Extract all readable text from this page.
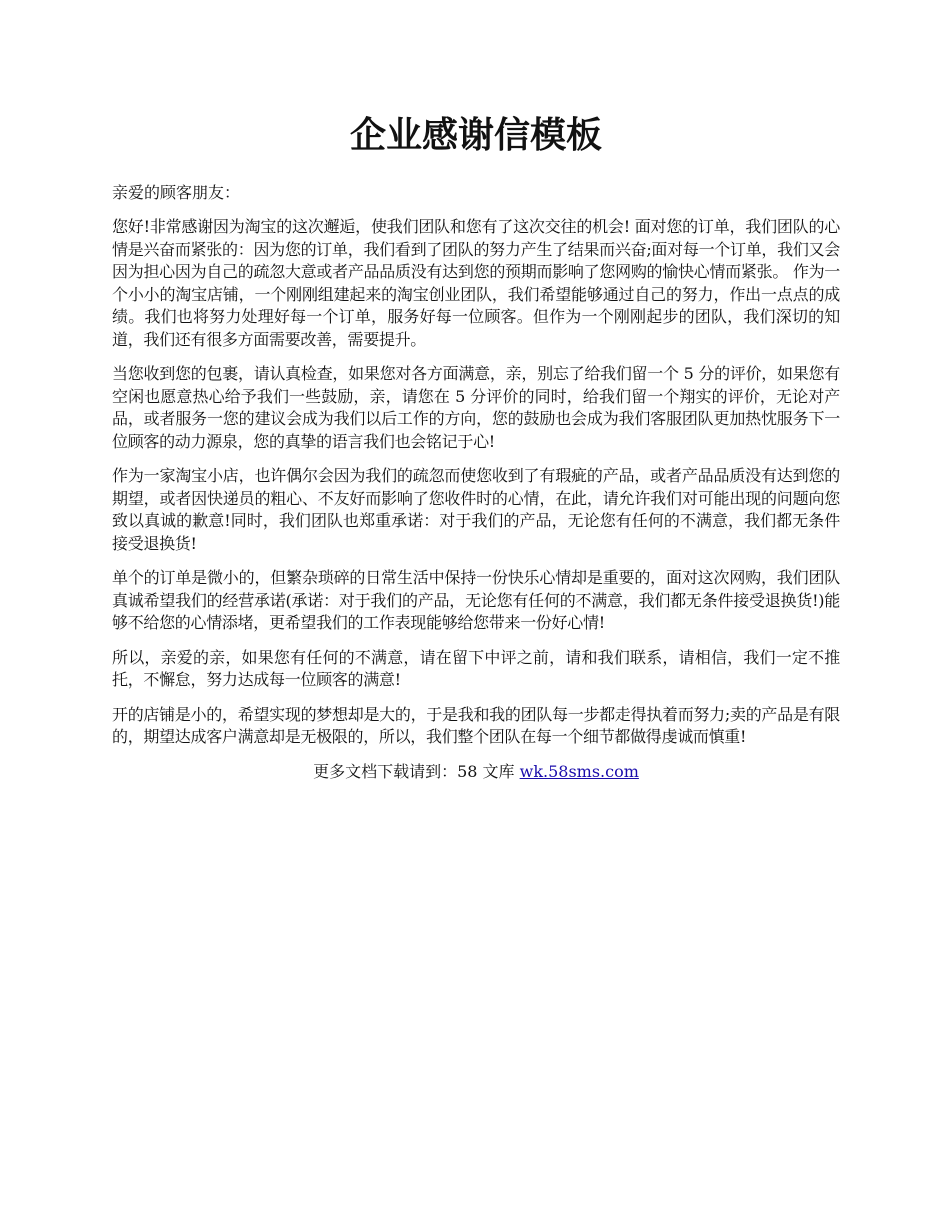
企业感谢信模板

亲爱的顾客朋友：

您好!非常感谢因为淘宝的这次邂逅，使我们团队和您有了这次交往的机会! 面对您的订单，我们团队的心情是兴奋而紧张的：因为您的订单，我们看到了团队的努力产生了结果而兴奋;面对每一个订单，我们又会因为担心因为自己的疏忽大意或者产品品质没有达到您的预期而影响了您网购的愉快心情而紧张。 作为一个小小的淘宝店铺，一个刚刚组建起来的淘宝创业团队，我们希望能够通过自己的努力，作出一点点的成绩。我们也将努力处理好每一个订单，服务好每一位顾客。但作为一个刚刚起步的团队，我们深切的知道，我们还有很多方面需要改善，需要提升。

当您收到您的包裹，请认真检查，如果您对各方面满意，亲，别忘了给我们留一个 5 分的评价，如果您有空闲也愿意热心给予我们一些鼓励，亲，请您在 5 分评价的同时，给我们留一个翔实的评价，无论对产品，或者服务一您的建议会成为我们以后工作的方向，您的鼓励也会成为我们客服团队更加热忱服务下一位顾客的动力源泉，您的真挚的语言我们也会铭记于心!

作为一家淘宝小店，也许偶尔会因为我们的疏忽而使您收到了有瑕疵的产品，或者产品品质没有达到您的期望，或者因快递员的粗心、不友好而影响了您收件时的心情，在此，请允许我们对可能出现的问题向您致以真诚的歉意!同时，我们团队也郑重承诺：对于我们的产品，无论您有任何的不满意，我们都无条件接受退换货!

单个的订单是微小的，但繁杂琐碎的日常生活中保持一份快乐心情却是重要的，面对这次网购，我们团队真诚希望我们的经营承诺(承诺：对于我们的产品，无论您有任何的不满意，我们都无条件接受退换货!)能够不给您的心情添堵，更希望我们的工作表现能够给您带来一份好心情!

所以，亲爱的亲，如果您有任何的不满意，请在留下中评之前，请和我们联系，请相信，我们一定不推托，不懈怠，努力达成每一位顾客的满意!

开的店铺是小的，希望实现的梦想却是大的，于是我和我的团队每一步都走得执着而努力;卖的产品是有限的，期望达成客户满意却是无极限的，所以，我们整个团队在每一个细节都做得虔诚而慎重!

更多文档下载请到：58 文库 wk.58sms.com
